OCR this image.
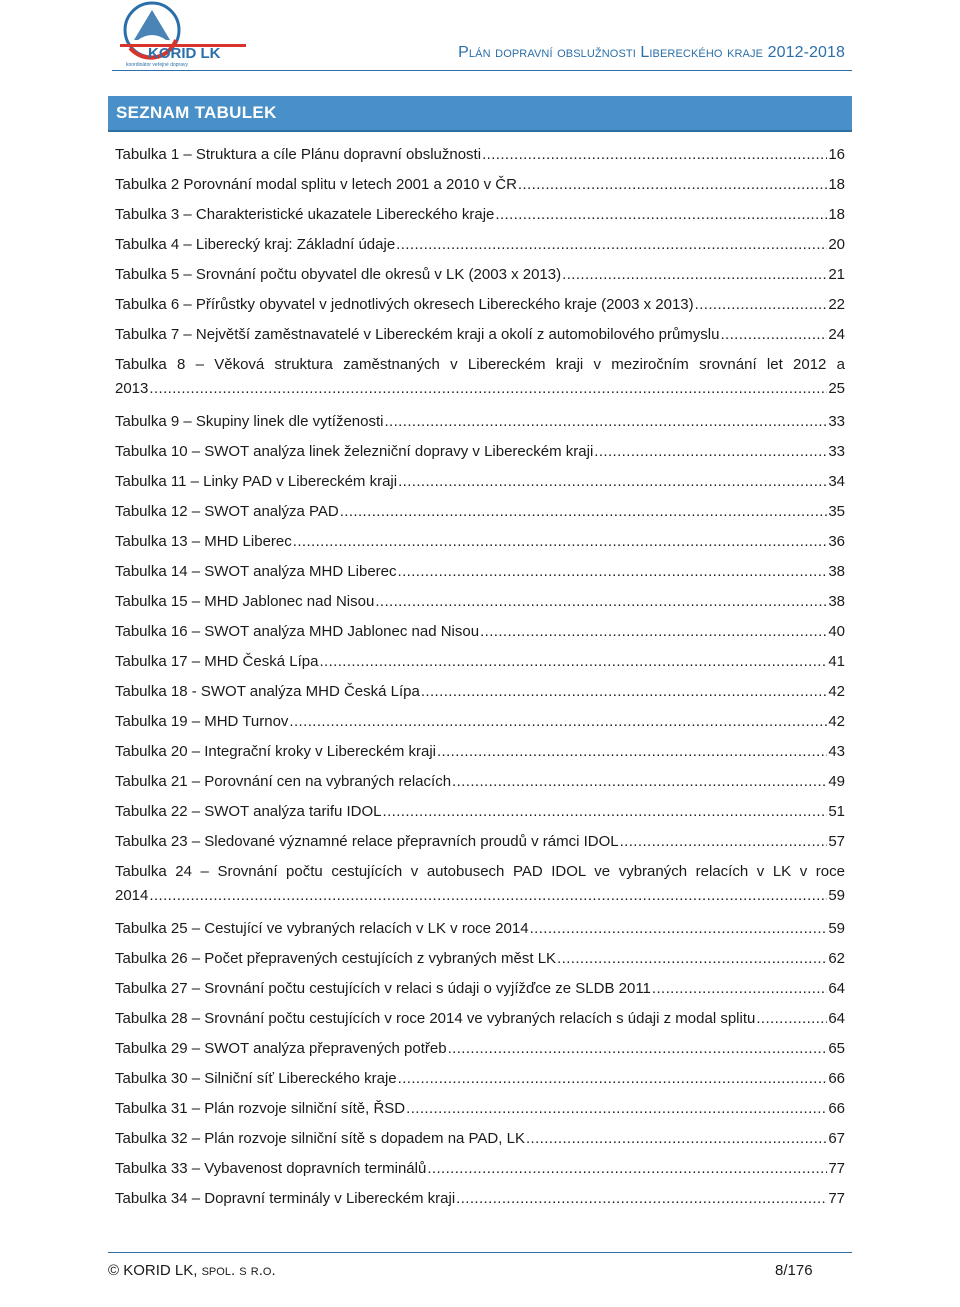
KORID LK
koordinátor veřejné dopravy
Plán dopravní obslužnosti Libereckého kraje 2012-2018
SEZNAM TABULEK
Tabulka 1 – Struktura a cíle Plánu dopravní obslužnosti .....	16
Tabulka 2 Porovnání modal splitu v letech 2001 a 2010 v ČR .....	18
Tabulka 3 – Charakteristické ukazatele Libereckého kraje .....	18
Tabulka 4 – Liberecký kraj: Základní údaje .....	20
Tabulka 5 – Srovnání počtu obyvatel dle okresů v LK (2003 x 2013) .....	21
Tabulka 6 – Přírůstky obyvatel v jednotlivých okresech Libereckého kraje (2003 x 2013) .....	22
Tabulka 7 – Největší zaměstnavatelé v Libereckém kraji a okolí z automobilového průmyslu .....	24
Tabulka 8 – Věková struktura zaměstnaných v Libereckém kraji v meziročním srovnání let 2012 a
2013 .....	25
Tabulka 9 – Skupiny linek dle vytíženosti .....	33
Tabulka 10 – SWOT analýza linek železniční dopravy v Libereckém kraji .....	33
Tabulka 11 – Linky PAD v Libereckém kraji .....	34
Tabulka 12 – SWOT analýza PAD .....	35
Tabulka 13 – MHD Liberec .....	36
Tabulka 14 – SWOT analýza MHD Liberec .....	38
Tabulka 15 – MHD Jablonec nad Nisou .....	38
Tabulka 16 – SWOT analýza MHD Jablonec nad Nisou .....	40
Tabulka 17 – MHD Česká Lípa .....	41
Tabulka 18 - SWOT analýza MHD Česká Lípa .....	42
Tabulka 19 – MHD Turnov .....	42
Tabulka 20 – Integrační kroky v Libereckém kraji .....	43
Tabulka 21 – Porovnání cen na vybraných relacích .....	49
Tabulka 22 – SWOT analýza tarifu IDOL .....	51
Tabulka 23 – Sledované významné relace přepravních proudů v rámci IDOL .....	57
Tabulka 24 – Srovnání počtu cestujících v autobusech PAD IDOL ve vybraných relacích v LK v roce
2014 .....	59
Tabulka 25 – Cestující ve vybraných relacích v LK v roce 2014 .....	59
Tabulka 26 – Počet přepravených cestujících z vybraných měst LK .....	62
Tabulka 27 – Srovnání počtu cestujících v relaci s údaji o vyjížďce ze SLDB 2011 .....	64
Tabulka 28 – Srovnání počtu cestujících v roce 2014 ve vybraných relacích s údaji z modal splitu .....	64
Tabulka 29 – SWOT analýza přepravených potřeb .....	65
Tabulka 30 – Silniční síť Libereckého kraje .....	66
Tabulka 31 – Plán rozvoje silniční sítě, ŘSD .....	66
Tabulka 32 – Plán rozvoje silniční sítě s dopadem na PAD, LK .....	67
Tabulka 33 – Vybavenost dopravních terminálů .....	77
Tabulka 34 – Dopravní terminály v Libereckém kraji .....	77
© KORID LK, spol. s r.o.	8/176
